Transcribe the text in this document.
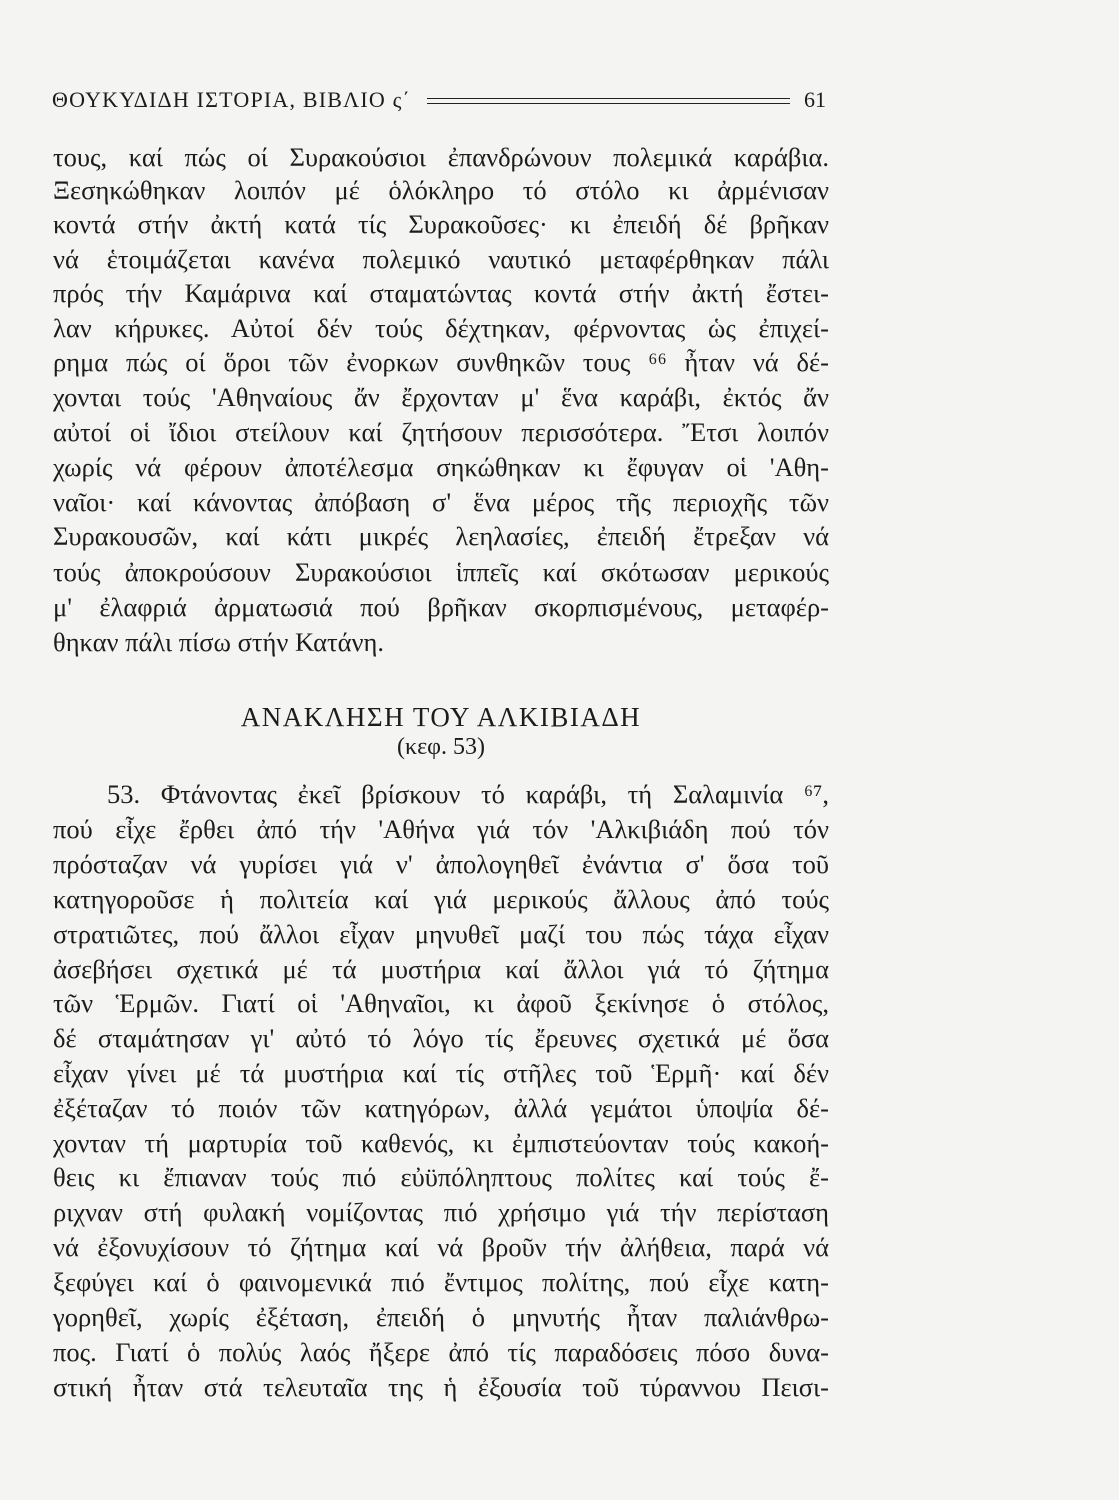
ΘΟΥΚΥΔΙΔΗ ΙΣΤΟΡΙΑ, ΒΙΒΛΙΟ ς΄	61
τους, καί πώς οί Συρακούσιοι ἐπανδρώνουν πολεμικά καράβια.
Ξεσηκώθηκαν λοιπόν μέ ὁλόκληρο τό στόλο κι ἀρμένισαν
κοντά στήν ἀκτή κατά τίς Συρακοῦσες· κι ἐπειδή δέ βρῆκαν
νά ἑτοιμάζεται κανένα πολεμικό ναυτικό μεταφέρθηκαν πάλι
πρός τήν Καμάρινα καί σταματώντας κοντά στήν ἀκτή ἔστει-
λαν κήρυκες. Αὐτοί δέν τούς δέχτηκαν, φέρνοντας ὡς ἐπιχεί-
ρημα πώς οί ὅροι τῶν ἐνορκων συνθηκῶν τους ⁶⁶ ἦταν νά δέ-
χονται τούς 'Αθηναίους ἄν ἔρχονταν μ' ἕνα καράβι, ἐκτός ἄν
αὐτοί οἱ ἴδιοι στείλουν καί ζητήσουν περισσότερα. Ἔτσι λοιπόν
χωρίς νά φέρουν ἀποτέλεσμα σηκώθηκαν κι ἔφυγαν οἱ 'Αθη-
ναῖοι· καί κάνοντας ἀπόβαση σ' ἕνα μέρος τῆς περιοχῆς τῶν
Συρακουσῶν, καί κάτι μικρές λεηλασίες, ἐπειδή ἔτρεξαν νά
τούς ἀποκρούσουν Συρακούσιοι ἱππεῖς καί σκότωσαν μερικούς
μ' ἐλαφριά ἀρματωσιά πού βρῆκαν σκορπισμένους, μεταφέρ-
θηκαν πάλι πίσω στήν Κατάνη.
ΑΝΑΚΛΗΣΗ ΤΟΥ ΑΛΚΙΒΙΑΔΗ
(κεφ. 53)
53. Φτάνοντας ἐκεῖ βρίσκουν τό καράβι, τή Σαλαμινία ⁶⁷,
πού εἶχε ἔρθει ἀπό τήν 'Αθήνα γιά τόν 'Αλκιβιάδη πού τόν
πρόσταζαν νά γυρίσει γιά ν' ἀπολογηθεῖ ἐνάντια σ' ὅσα τοῦ
κατηγοροῦσε ἡ πολιτεία καί γιά μερικούς ἄλλους ἀπό τούς
στρατιῶτες, πού ἄλλοι εἶχαν μηνυθεῖ μαζί του πώς τάχα εἶχαν
ἀσεβήσει σχετικά μέ τά μυστήρια καί ἄλλοι γιά τό ζήτημα
τῶν Ἑρμῶν. Γιατί οἱ 'Αθηναῖοι, κι ἀφοῦ ξεκίνησε ὁ στόλος,
δέ σταμάτησαν γι' αὐτό τό λόγο τίς ἔρευνες σχετικά μέ ὅσα
εἶχαν γίνει μέ τά μυστήρια καί τίς στῆλες τοῦ Ἑρμῆ· καί δέν
ἐξέταζαν τό ποιόν τῶν κατηγόρων, ἀλλά γεμάτοι ὑποψία δέ-
χονταν τή μαρτυρία τοῦ καθενός, κι ἐμπιστεύονταν τούς κακοή-
θεις κι ἔπιαναν τούς πιό εὐϋπόληπτους πολίτες καί τούς ἔ-
ριχναν στή φυλακή νομίζοντας πιό χρήσιμο γιά τήν περίσταση
νά ἐξονυχίσουν τό ζήτημα καί νά βροῦν τήν ἀλήθεια, παρά νά
ξεφύγει καί ὁ φαινομενικά πιό ἔντιμος πολίτης, πού εἶχε κατη-
γορηθεῖ, χωρίς ἐξέταση, ἐπειδή ὁ μηνυτής ἦταν παλιάνθρω-
πος. Γιατί ὁ πολύς λαός ἤξερε ἀπό τίς παραδόσεις πόσο δυνα-
στική ἦταν στά τελευταῖα της ἡ ἐξουσία τοῦ τύραννου Πεισι-
